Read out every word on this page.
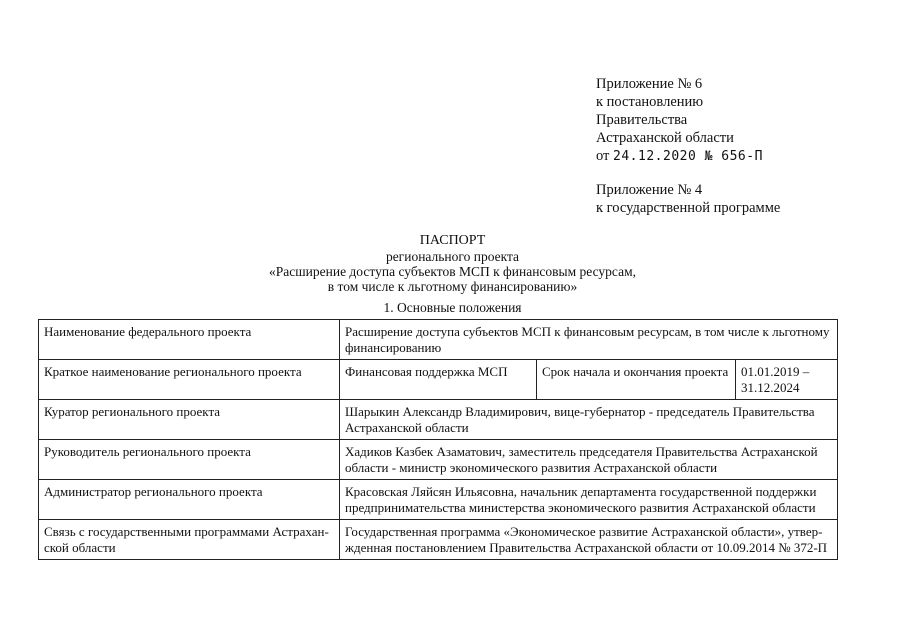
Приложение № 6
к постановлению
Правительства
Астраханской области
от 24.12.2020 № 656-П
Приложение № 4
к государственной программе
ПАСПОРТ
регионального проекта
«Расширение доступа субъектов МСП к финансовым ресурсам,
в том числе к льготному финансированию»
1. Основные положения
Наименование федерального проекта	Расширение доступа субъектов МСП к финансовым ресурсам, в том числе к льготному финансированию		
Краткое наименование регионального проекта	Финансовая поддержка МСП	Срок начала и окончания проекта	01.01.2019 – 31.12.2024
Куратор регионального проекта	Шарыкин Александр Владимирович, вице-губернатор - председатель Правительства Астраханской области		
Руководитель регионального проекта	Хадиков Казбек Азаматович, заместитель председателя Правительства Астраханской области - министр экономического развития Астраханской области		
Администратор регионального проекта	Красовская Ляйсян Ильясовна, начальник департамента государственной поддержки предпринимательства министерства экономического развития Астраханской области		
Связь с государственными программами Астраханской области	Государственная программа «Экономическое развитие Астраханской области», утвержденная постановлением Правительства Астраханской области от 10.09.2014 № 372-П		
